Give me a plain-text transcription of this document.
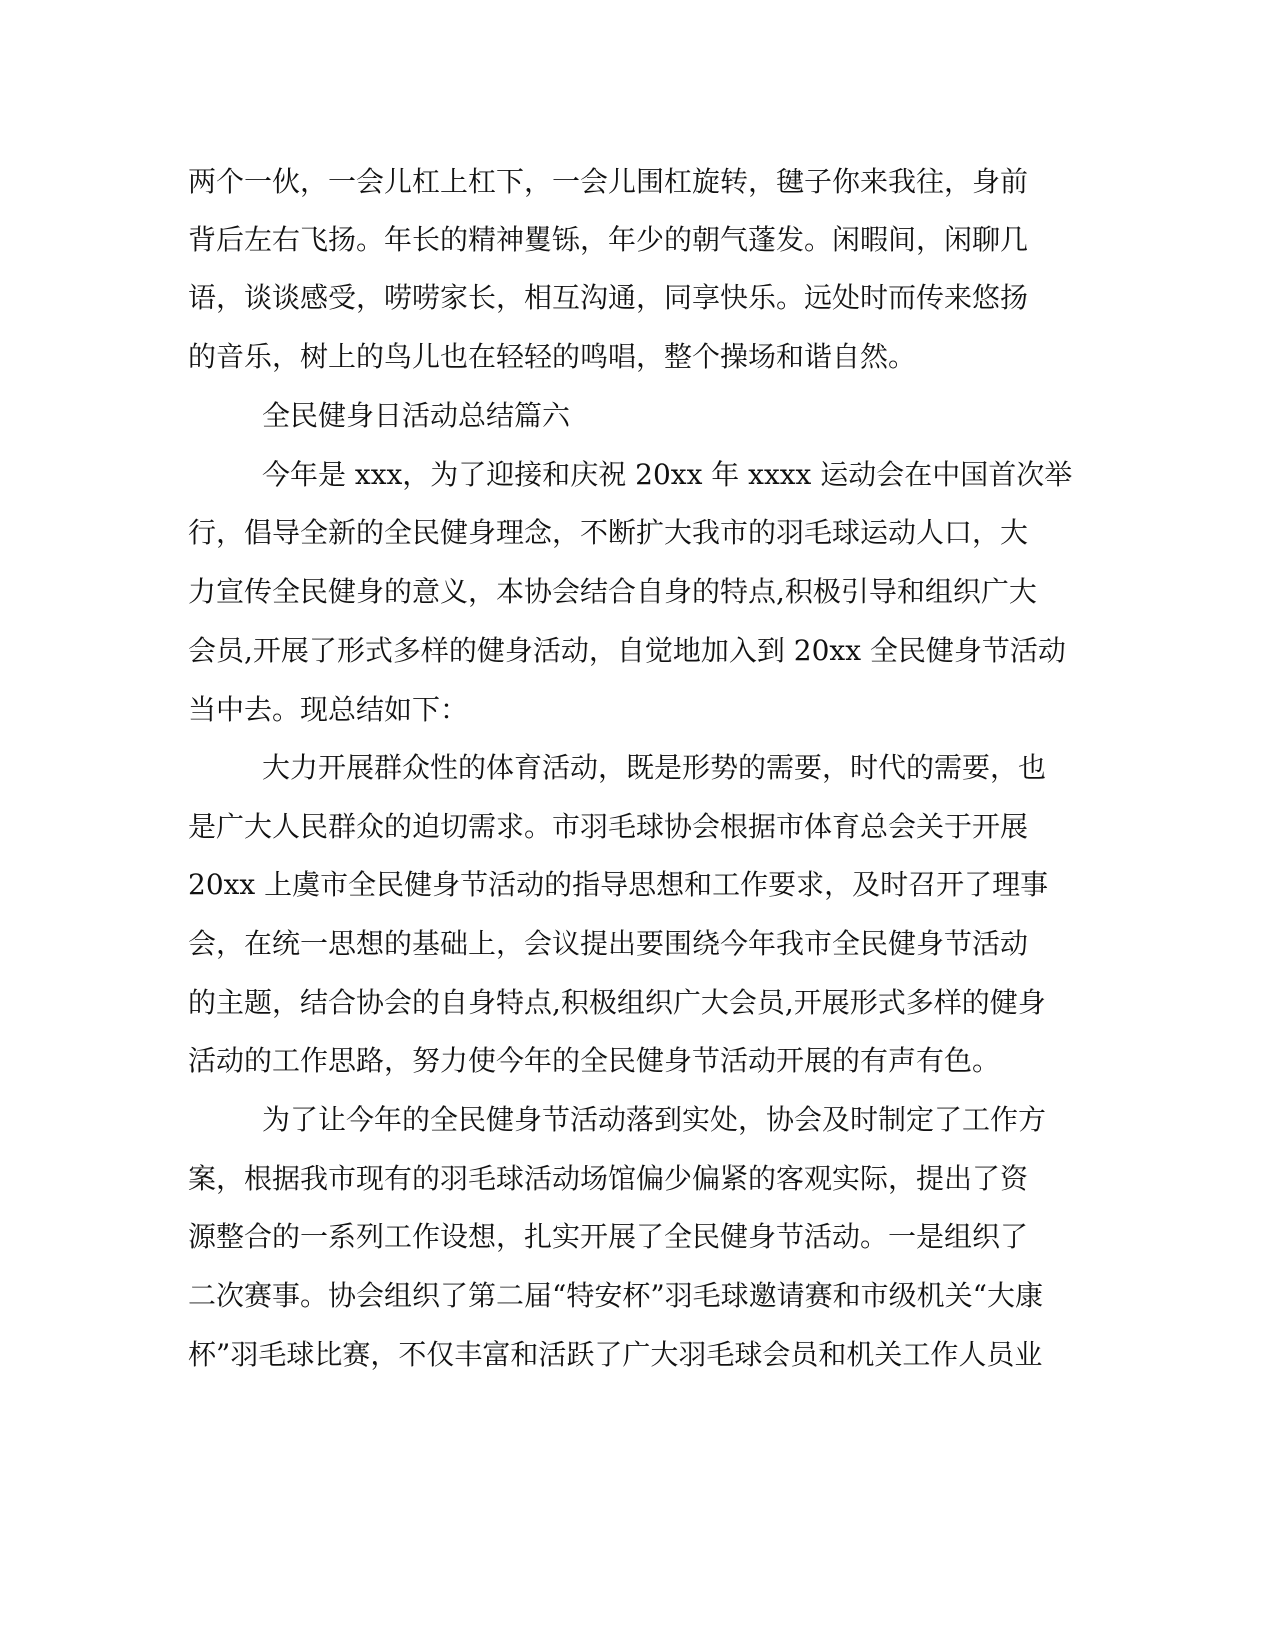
两个一伙，一会儿杠上杠下，一会儿围杠旋转，毽子你来我往，身前
背后左右飞扬。年长的精神矍铄，年少的朝气蓬发。闲暇间，闲聊几
语，谈谈感受，唠唠家长，相互沟通，同享快乐。远处时而传来悠扬
的音乐，树上的鸟儿也在轻轻的鸣唱，整个操场和谐自然。
全民健身日活动总结篇六
今年是 xxx，为了迎接和庆祝 20xx 年 xxxx 运动会在中国首次举
行，倡导全新的全民健身理念，不断扩大我市的羽毛球运动人口，大
力宣传全民健身的意义，本协会结合自身的特点,积极引导和组织广大
会员,开展了形式多样的健身活动，自觉地加入到 20xx 全民健身节活动
当中去。现总结如下：
大力开展群众性的体育活动，既是形势的需要，时代的需要，也
是广大人民群众的迫切需求。市羽毛球协会根据市体育总会关于开展
20xx 上虞市全民健身节活动的指导思想和工作要求，及时召开了理事
会，在统一思想的基础上，会议提出要围绕今年我市全民健身节活动
的主题，结合协会的自身特点,积极组织广大会员,开展形式多样的健身
活动的工作思路，努力使今年的全民健身节活动开展的有声有色。
为了让今年的全民健身节活动落到实处，协会及时制定了工作方
案，根据我市现有的羽毛球活动场馆偏少偏紧的客观实际，提出了资
源整合的一系列工作设想，扎实开展了全民健身节活动。一是组织了
二次赛事。协会组织了第二届“特安杯”羽毛球邀请赛和市级机关“大康
杯”羽毛球比赛，不仅丰富和活跃了广大羽毛球会员和机关工作人员业
